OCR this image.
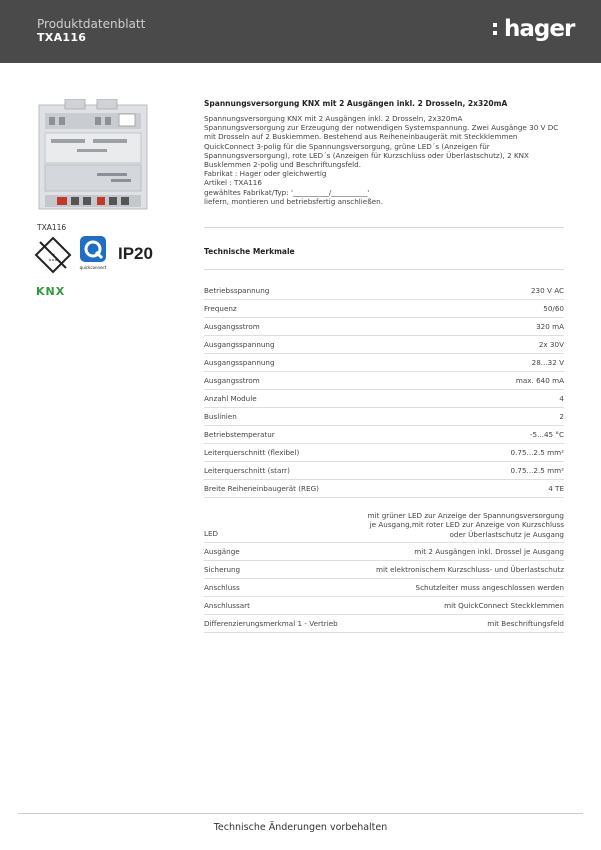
Produktdatenblatt
TXA116	hager
TXA116
~
quickconnect
IP20
KNX
Spannungsversorgung KNX mit 2 Ausgängen inkl. 2 Drosseln, 2x320mA
Spannungsversorgung KNX mit 2 Ausgängen inkl. 2 Drosseln, 2x320mA
Spannungsversorgung zur Erzeugung der notwendigen Systemspannung. Zwei Ausgänge 30 V DC
mit Drosseln auf 2 Buskiemmen. Bestehend aus Reiheneinbaugerät mit Steckklemmen
QuickConnect 3-polig für die Spannungsversorgung, grüne LED´s (Anzeigen für
Spannungsversorgung), rote LED´s (Anzeigen für Kurzschluss oder Überlastschutz), 2 KNX
Busklemmen 2-polig und Beschriftungsfeld.
Fabrikat : Hager oder gleichwertig
Artikel : TXA116
gewähltes Fabrikat/Typ: '__________/__________'
liefern, montieren und betriebsfertig anschließen.
Technische Merkmale
Betriebsspannung	230 V AC
Frequenz	50/60
Ausgangsstrom	320 mA
Ausgangsspannung	2x 30V
Ausgangsspannung	28...32 V
Ausgangsstrom	max. 640 mA
Anzahl Module	4
Buslinien	2
Betriebstemperatur	-5...45 °C
Leiterquerschnitt (flexibel)	0.75...2.5 mm²
Leiterquerschnitt (starr)	0.75...2.5 mm²
Breite Reiheneinbaugerät (REG)	4 TE
LED
mit grüner LED zur Anzeige der Spannungsversorgung je Ausgang,mit roter LED zur Anzeige von Kurzschluss oder Überlastschutz je Ausgang
Ausgänge	mit 2 Ausgängen inkl. Drossel je Ausgang
Sicherung	mit elektronischem Kurzschluss- und Überlastschutz
Anschluss	Schutzleiter muss angeschlossen werden
Anschlussart	mit QuickConnect Steckklemmen
Differenzierungsmerkmal 1 - Vertrieb	mit Beschriftungsfeld
Technische Änderungen vorbehalten
